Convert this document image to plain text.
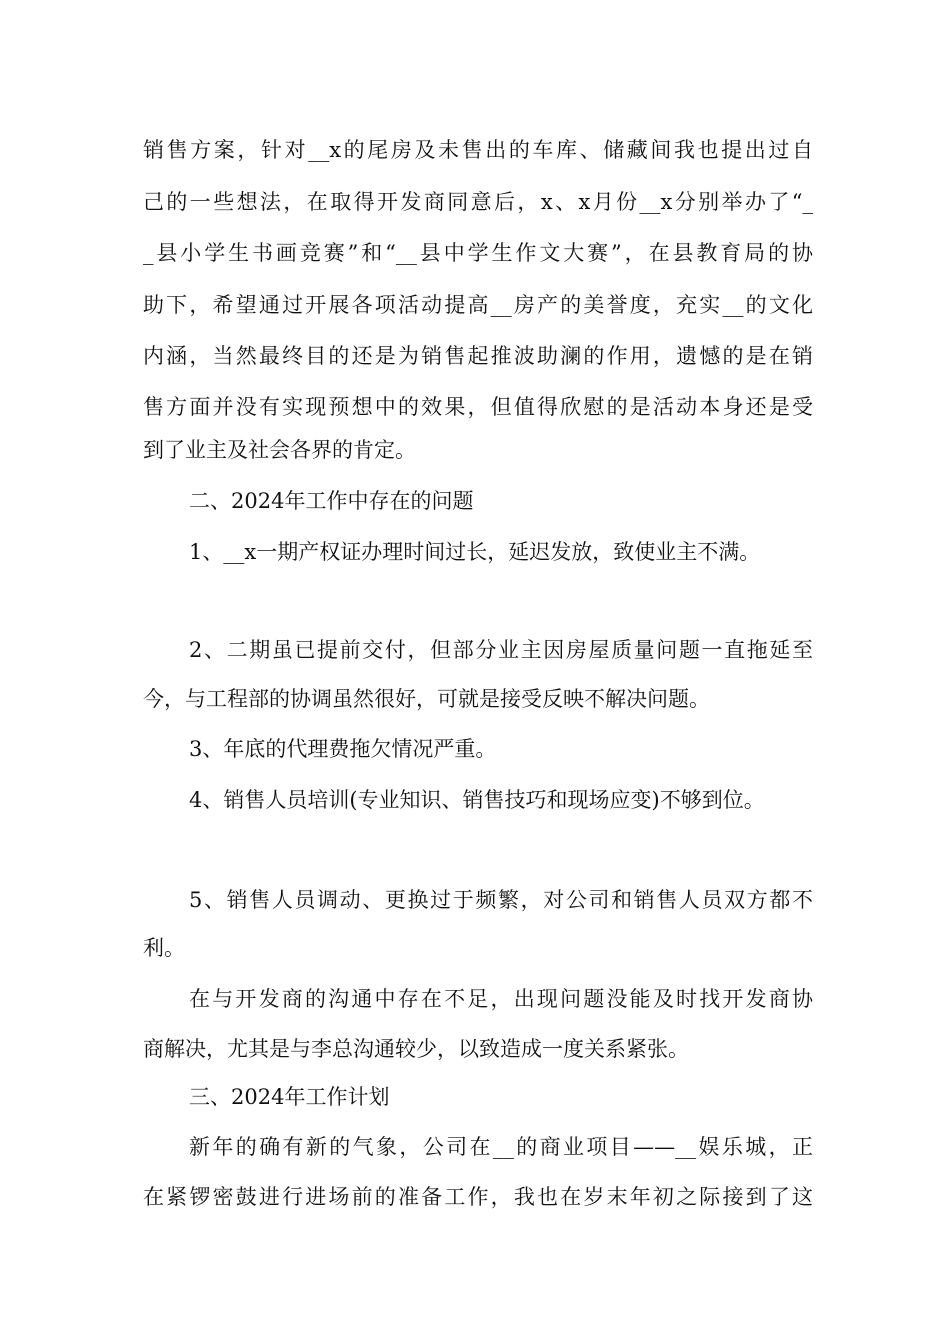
销售方案，针对__x的尾房及未售出的车库、储藏间我也提出过自
己的一些想法，在取得开发商同意后，x、x月份__x分别举办了“_
_县小学生书画竞赛”和“__县中学生作文大赛”，在县教育局的协
助下，希望通过开展各项活动提高__房产的美誉度，充实__的文化
内涵，当然最终目的还是为销售起推波助澜的作用，遗憾的是在销
售方面并没有实现预想中的效果，但值得欣慰的是活动本身还是受
到了业主及社会各界的肯定。
二、2024年工作中存在的问题
1、__x一期产权证办理时间过长，延迟发放，致使业主不满。
2、二期虽已提前交付，但部分业主因房屋质量问题一直拖延至
今，与工程部的协调虽然很好，可就是接受反映不解决问题。
3、年底的代理费拖欠情况严重。
4、销售人员培训(专业知识、销售技巧和现场应变)不够到位。
5、销售人员调动、更换过于频繁，对公司和销售人员双方都不
利。
在与开发商的沟通中存在不足，出现问题没能及时找开发商协
商解决，尤其是与李总沟通较少，以致造成一度关系紧张。
三、2024年工作计划
新年的确有新的气象，公司在__的商业项目——__娱乐城，正
在紧锣密鼓进行进场前的准备工作，我也在岁末年初之际接到了这
